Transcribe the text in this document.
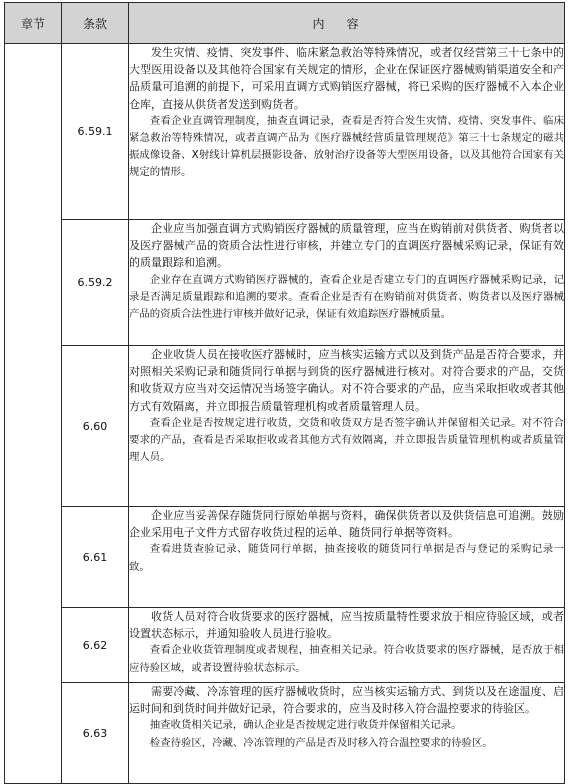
章节	条款	内容
	6.59.1	发生灾情、疫情、突发事件、临床紧急救治等特殊情况，或者仅经营第三十七条中的大型医用设备以及其他符合国家有关规定的情形，企业在保证医疗器械购销渠道安全和产品质量可追溯的前提下，可采用直调方式购销医疗器械，将已采购的医疗器械不入本企业仓库，直接从供货者发送到购货者。

查看企业直调管理制度，抽查直调记录，查看是否符合发生灾情、疫情、突发事件、临床紧急救治等特殊情况，或者直调产品为《医疗器械经营质量管理规范》第三十七条规定的磁共振成像设备、X射线计算机层摄影设备、放射治疗设备等大型医用设备，以及其他符合国家有关规定的情形。

	6.59.2	企业应当加强直调方式购销医疗器械的质量管理，应当在购销前对供货者、购货者以及医疗器械产品的资质合法性进行审核，并建立专门的直调医疗器械采购记录，保证有效的质量跟踪和追溯。

企业存在直调方式购销医疗器械的，查看企业是否建立专门的直调医疗器械采购记录，记录是否满足质量跟踪和追溯的要求。查看企业是否有在购销前对供货者、购货者以及医疗器械产品的资质合法性进行审核并做好记录，保证有效追踪医疗器械质量。

	6.60	企业收货人员在接收医疗器械时，应当核实运输方式以及到货产品是否符合要求，并对照相关采购记录和随货同行单据与到货的医疗器械进行核对。对符合要求的产品，交货和收货双方应当对交运情况当场签字确认。对不符合要求的产品，应当采取拒收或者其他方式有效隔离，并立即报告质量管理机构或者质量管理人员。

查看企业是否按规定进行收货，交货和收货双方是否签字确认并保留相关记录。对不符合要求的产品，查看是否采取拒收或者其他方式有效隔离，并立即报告质量管理机构或者质量管理人员。

	6.61	企业应当妥善保存随货同行原始单据与资料，确保供货者以及供货信息可追溯。鼓励企业采用电子文件方式留存收货过程的运单、随货同行单据等资料。

查看进货查验记录、随货同行单据，抽查接收的随货同行单据是否与登记的采购记录一致。

	6.62	收货人员对符合收货要求的医疗器械，应当按质量特性要求放于相应待验区域，或者设置状态标示，并通知验收人员进行验收。

查看企业收货管理制度或者规程，抽查相关记录。符合收货要求的医疗器械，是否放于相应待验区域，或者设置待验状态标示。

	6.63	需要冷藏、冷冻管理的医疗器械收货时，应当核实运输方式、到货以及在途温度、启运时间和到货时间并做好记录，符合要求的，应当及时移入符合温控要求的待验区。

抽查收货相关记录，确认企业是否按规定进行收货并保留相关记录。

检查待验区，冷藏、冷冻管理的产品是否及时移入符合温控要求的待验区。
